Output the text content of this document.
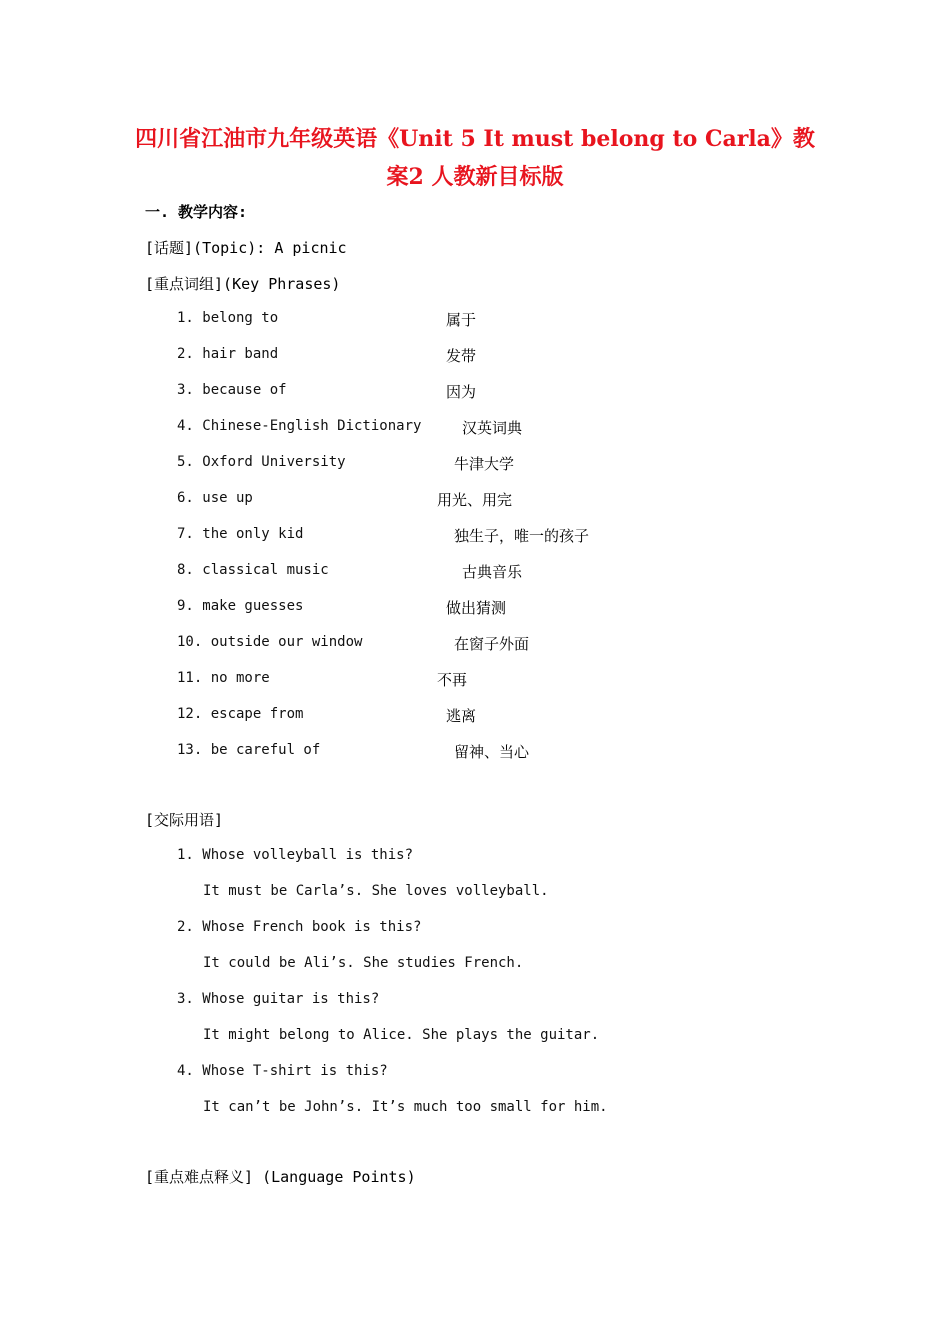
四川省江油市九年级英语《Unit 5 It must belong to Carla》教
案2 人教新目标版
一. 教学内容:
[话题](Topic): A picnic
[重点词组](Key Phrases)
1. belong to	属于
2. hair band	发带
3. because of	因为
4. Chinese-English Dictionary	汉英词典
5. Oxford University	牛津大学
6. use up	用光、用完
7. the only kid	独生子，唯一的孩子
8. classical music	古典音乐
9. make guesses	做出猜测
10. outside our window	在窗子外面
11. no more	不再
12. escape from	逃离
13. be careful of	留神、当心
[交际用语]
1. Whose volleyball is this?
It must be Carla’s. She loves volleyball.
2. Whose French book is this?
It could be Ali’s. She studies French.
3. Whose guitar is this?
It might belong to Alice. She plays the guitar.
4. Whose T-shirt is this?
It can’t be John’s. It’s much too small for him.
[重点难点释义] (Language Points)
